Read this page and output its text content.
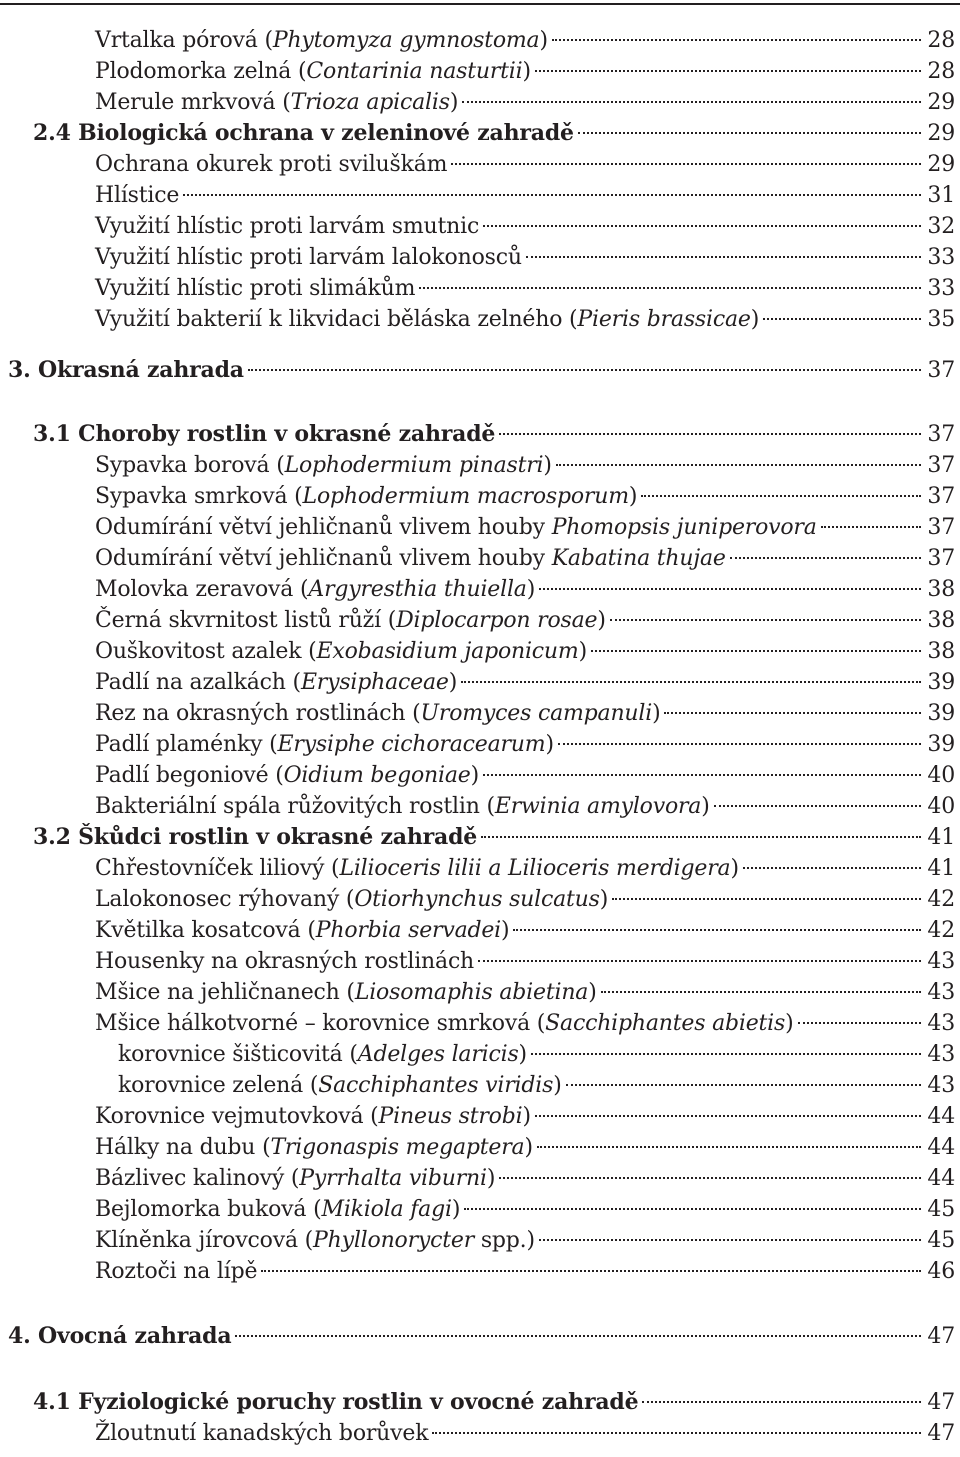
Vrtalka pórová (Phytomyza gymnostoma)	28
Plodomorka zelná (Contarinia nasturtii)	28
Merule mrkvová (Trioza apicalis)	29
2.4 Biologická ochrana v zeleninové zahradě	29
Ochrana okurek proti sviluškám	29
Hlístice	31
Využití hlístic proti larvám smutnic	32
Využití hlístic proti larvám lalokonosců	33
Využití hlístic proti slimákům	33
Využití bakterií k likvidaci běláska zelného (Pieris brassicae)	35
3. Okrasná zahrada	37
3.1 Choroby rostlin v okrasné zahradě	37
Sypavka borová (Lophodermium pinastri)	37
Sypavka smrková (Lophodermium macrosporum)	37
Odumírání větví jehličnanů vlivem houby Phomopsis juniperovora	37
Odumírání větví jehličnanů vlivem houby Kabatina thujae	37
Molovka zeravová (Argyresthia thuiella)	38
Černá skvrnitost listů růží (Diplocarpon rosae)	38
Ouškovitost azalek (Exobasidium japonicum)	38
Padlí na azalkách (Erysiphaceae)	39
Rez na okrasných rostlinách (Uromyces campanuli)	39
Padlí plaménky (Erysiphe cichoracearum)	39
Padlí begoniové (Oidium begoniae)	40
Bakteriální spála růžovitých rostlin (Erwinia amylovora)	40
3.2 Škůdci rostlin v okrasné zahradě	41
Chřestovníček liliový (Lilioceris lilii a Lilioceris merdigera)	41
Lalokonosec rýhovaný (Otiorhynchus sulcatus)	42
Květilka kosatcová (Phorbia servadei)	42
Housenky na okrasných rostlinách	43
Mšice na jehličnanech (Liosomaphis abietina)	43
Mšice hálkotvorné – korovnice smrková (Sacchiphantes abietis)	43
korovnice šišticovitá (Adelges laricis)	43
korovnice zelená (Sacchiphantes viridis)	43
Korovnice vejmutovková (Pineus strobi)	44
Hálky na dubu (Trigonaspis megaptera)	44
Bázlivec kalinový (Pyrrhalta viburni)	44
Bejlomorka buková (Mikiola fagi)	45
Klíněnka jírovcová (Phyllonorycter spp.)	45
Roztoči na lípě	46
4. Ovocná zahrada	47
4.1 Fyziologické poruchy rostlin v ovocné zahradě	47
Žloutnutí kanadských borůvek	47
